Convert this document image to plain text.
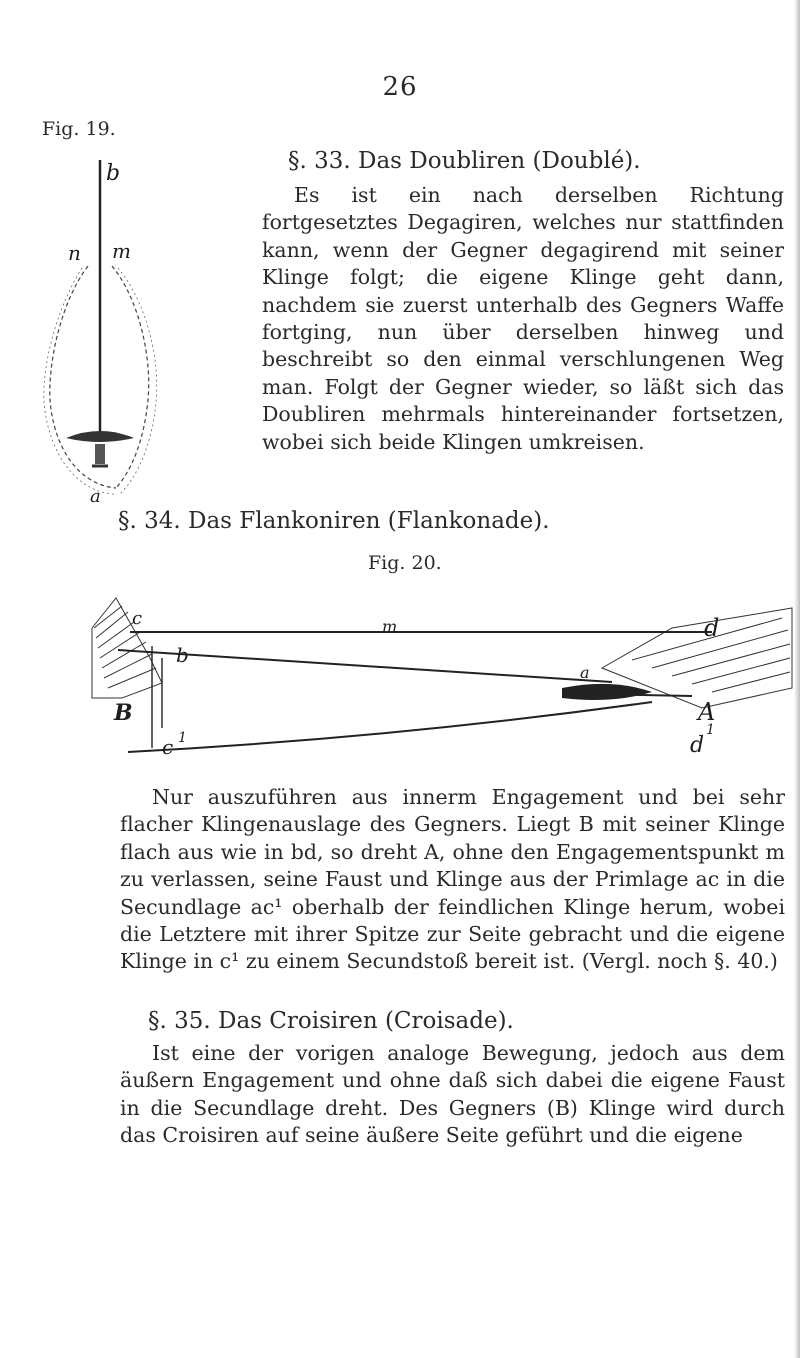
26
Fig. 19.
b
n m
a
§. 33. Das Doubliren (Doublé).

Es ist ein nach derselben Richtung fortgesetztes Degagiren, welches nur stattfinden kann, wenn der Gegner degagirend mit seiner Klinge folgt; die eigene Klinge geht dann, nachdem sie zuerst unterhalb des Gegners Waffe fortging, nun über derselben hinweg und beschreibt so den einmal verschlungenen Weg man. Folgt der Gegner wieder, so läßt sich das Doubliren mehrmals hintereinander fortsetzen, wobei sich beide Klingen umkreisen.

§. 34. Das Flankoniren (Flankonade).
Fig. 20.
c	m	d
b
a
B	A
c 1	d
1

Nur auszuführen aus innerm Engagement und bei sehr flacher Klingenauslage des Gegners. Liegt B mit seiner Klinge flach aus wie in bd, so dreht A, ohne den Engagementspunkt m zu verlassen, seine Faust und Klinge aus der Primlage ac in die Secundlage ac¹ oberhalb der feindlichen Klinge herum, wobei die Letztere mit ihrer Spitze zur Seite gebracht und die eigene Klinge in c¹ zu einem Secundstoß bereit ist. (Vergl. noch §. 40.)

§. 35. Das Croisiren (Croisade).

Ist eine der vorigen analoge Bewegung, jedoch aus dem äußern Engagement und ohne daß sich dabei die eigene Faust in die Secundlage dreht. Des Gegners (B) Klinge wird durch das Croisiren auf seine äußere Seite geführt und die eigene
